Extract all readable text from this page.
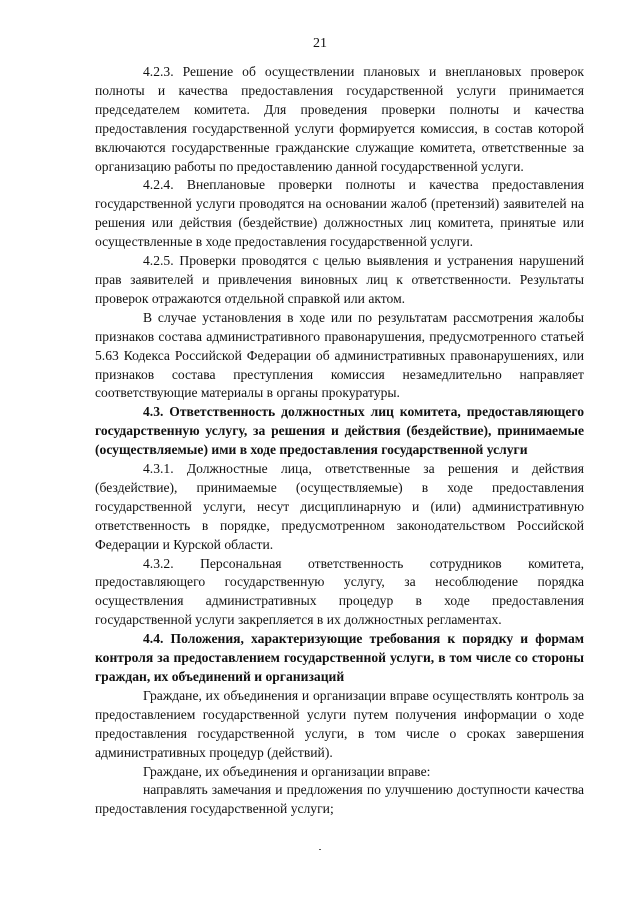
21

4.2.3. Решение об осуществлении плановых и внеплановых проверок полноты и качества предоставления государственной услуги принимается председателем комитета. Для проведения проверки полноты и качества предоставления государственной услуги формируется комиссия, в состав которой включаются государственные гражданские служащие комитета, ответственные за организацию работы по предоставлению данной государственной услуги.

4.2.4. Внеплановые проверки полноты и качества предоставления государственной услуги проводятся на основании жалоб (претензий) заявителей на решения или действия (бездействие) должностных лиц комитета, принятые или осуществленные в ходе предоставления государственной услуги.

4.2.5. Проверки проводятся с целью выявления и устранения нарушений прав заявителей и привлечения виновных лиц к ответственности. Результаты проверок отражаются отдельной справкой или актом.

В случае установления в ходе или по результатам рассмотрения жалобы признаков состава административного правонарушения, предусмотренного статьей 5.63 Кодекса Российской Федерации об административных правонарушениях, или признаков состава преступления комиссия незамедлительно направляет соответствующие материалы в органы прокуратуры.

4.3. Ответственность должностных лиц комитета, предоставляющего государственную услугу, за решения и действия (бездействие), принимаемые (осуществляемые) ими в ходе предоставления государственной услуги

4.3.1. Должностные лица, ответственные за решения и действия (бездействие), принимаемые (осуществляемые) в ходе предоставления государственной услуги, несут дисциплинарную и (или) административную ответственность в порядке, предусмотренном законодательством Российской Федерации и Курской области.

4.3.2. Персональная ответственность сотрудников комитета, предоставляющего государственную услугу, за несоблюдение порядка осуществления административных процедур в ходе предоставления государственной услуги закрепляется в их должностных регламентах.

4.4. Положения, характеризующие требования к порядку и формам контроля за предоставлением государственной услуги, в том числе со стороны граждан, их объединений и организаций

Граждане, их объединения и организации вправе осуществлять контроль за предоставлением государственной услуги путем получения информации о ходе предоставления государственной услуги, в том числе о сроках завершения административных процедур (действий).

Граждане, их объединения и организации вправе:

направлять замечания и предложения по улучшению доступности качества предоставления государственной услуги;
